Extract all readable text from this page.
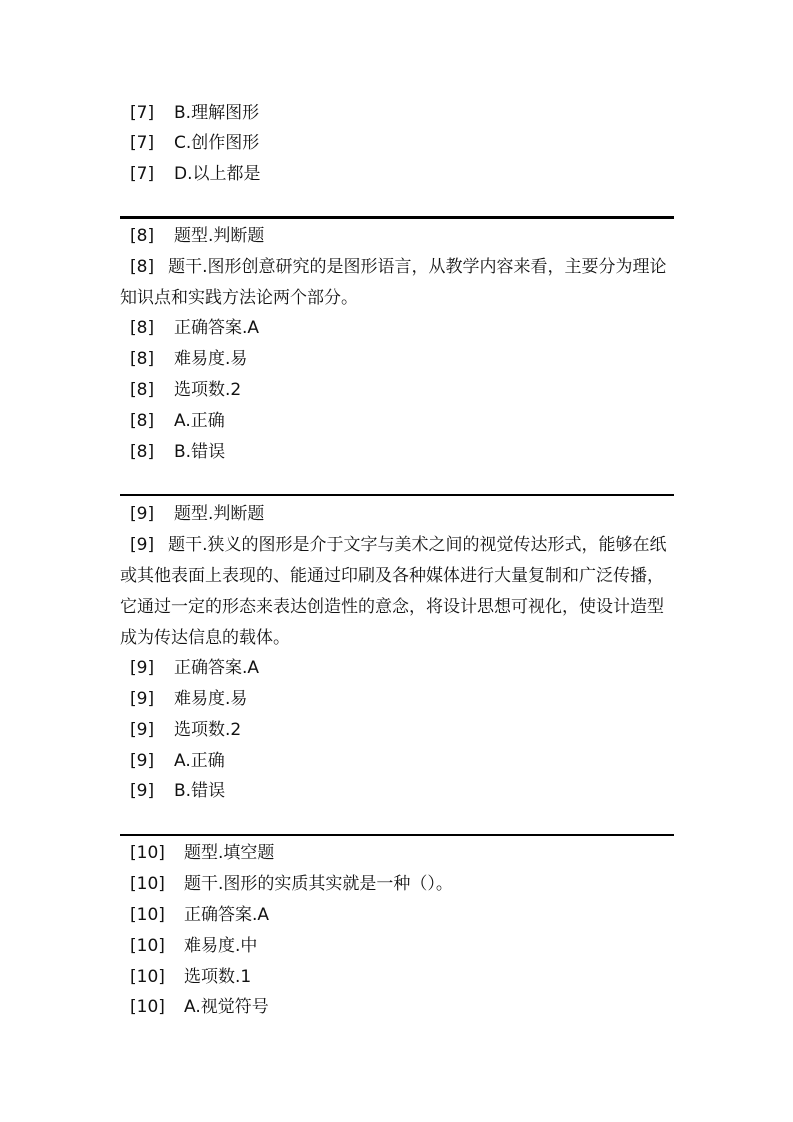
[7] B.理解图形
[7] C.创作图形
[7] D.以上都是
[8] 题型.判断题
[8] 题干.图形创意研究的是图形语言，从教学内容来看，主要分为理论知识点和实践方法论两个部分。
[8] 正确答案.A
[8] 难易度.易
[8] 选项数.2
[8] A.正确
[8] B.错误
[9] 题型.判断题
[9] 题干.狭义的图形是介于文字与美术之间的视觉传达形式，能够在纸或其他表面上表现的、能通过印刷及各种媒体进行大量复制和广泛传播，它通过一定的形态来表达创造性的意念，将设计思想可视化，使设计造型成为传达信息的载体。
[9] 正确答案.A
[9] 难易度.易
[9] 选项数.2
[9] A.正确
[9] B.错误
[10] 题型.填空题
[10] 题干.图形的实质其实就是一种（）。
[10] 正确答案.A
[10] 难易度.中
[10] 选项数.1
[10] A.视觉符号
